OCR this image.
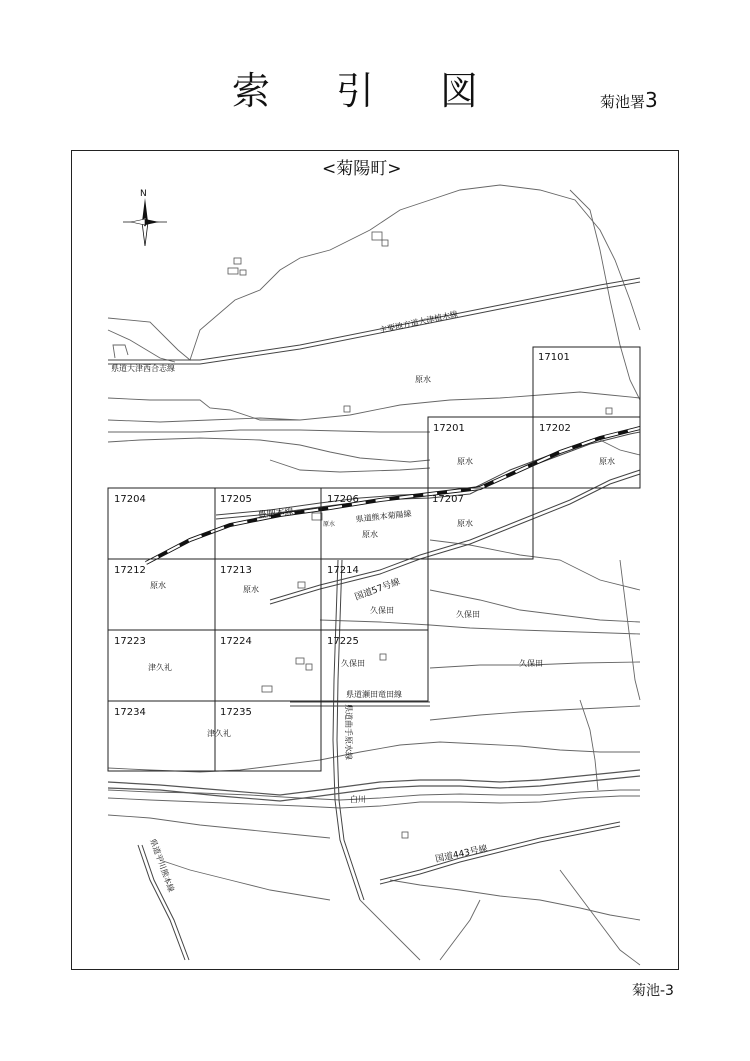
索引図	菊池署3
17101
17201	17202
17204	17205	17206	17207
17212	17213	17214
17223	17224	17225
17234	17235
主要地方道大津植木線
県道大津西合志線
豊肥本線	県道熊本菊陽線
国道57号線
県道瀬田竜田線
県道曲手原水線
白川
国道443号線
県道平川熊本線
原水
原水	原水
原水
原水
原水
原水	原水
久保田	久保田
久保田	久保田
津久礼
津久礼
N
<菊陽町>
菊池-3
